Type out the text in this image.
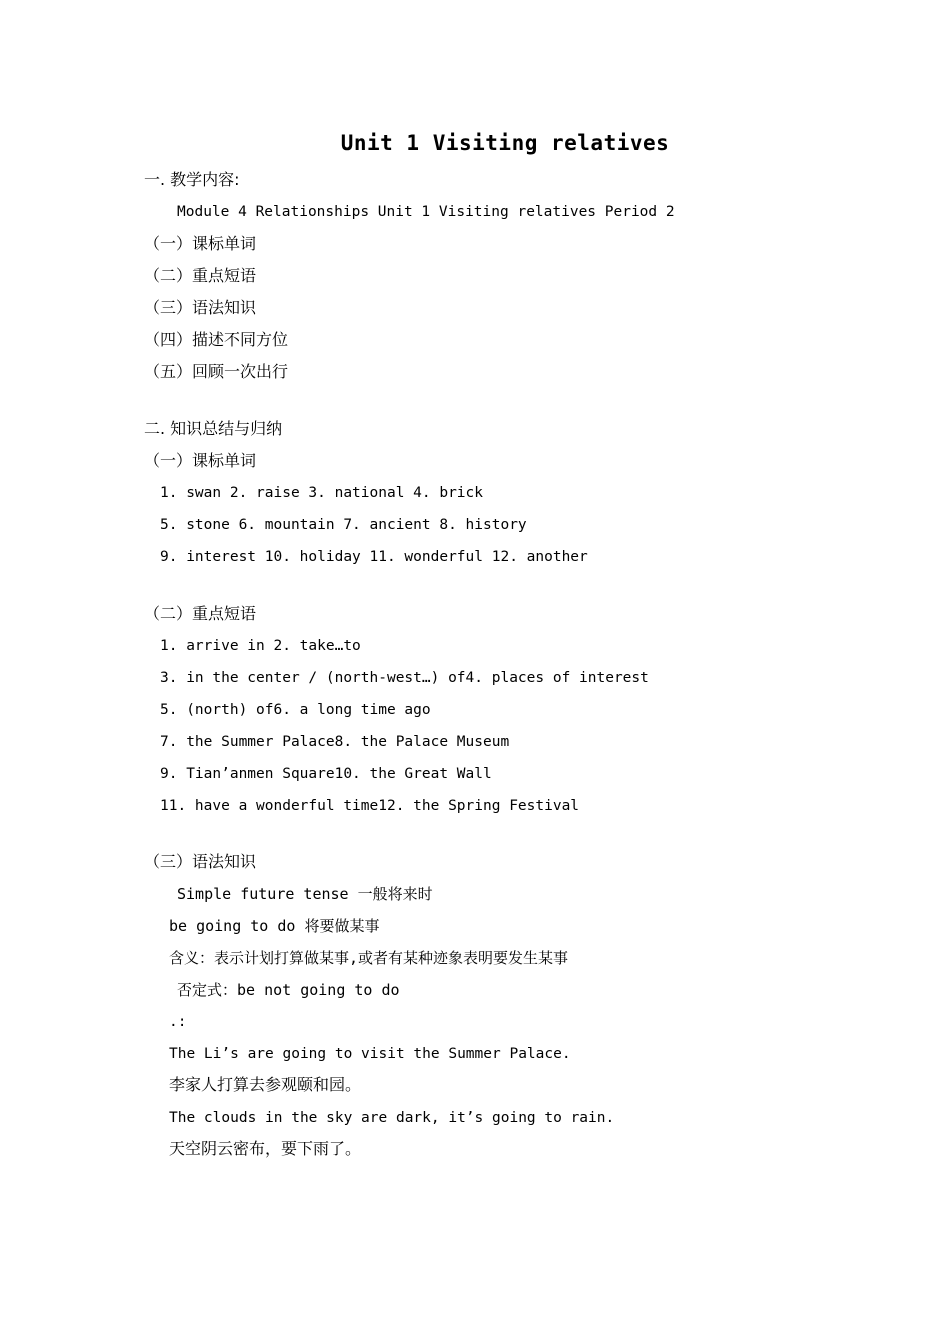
Unit 1 Visiting relatives
一. 教学内容:
Module 4 Relationships Unit 1 Visiting relatives Period 2
（一）课标单词
（二）重点短语
（三）语法知识
（四）描述不同方位
（五）回顾一次出行
二. 知识总结与归纳
（一）课标单词
1. swan 2. raise 3. national 4. brick
5. stone 6. mountain 7. ancient 8. history
9. interest 10. holiday 11. wonderful 12. another
（二）重点短语
1. arrive in 2. take…to
3. in the center / (north-west…) of4. places of interest
5. (north) of6. a long time ago
7. the Summer Palace8. the Palace Museum
9. Tian’anmen Square10. the Great Wall
11. have a wonderful time12. the Spring Festival
（三）语法知识
Simple future tense 一般将来时
be going to do 将要做某事
含义：表示计划打算做某事,或者有某种迹象表明要发生某事
否定式：be not going to do
.:
The Li’s are going to visit the Summer Palace.
李家人打算去参观颐和园。
The clouds in the sky are dark, it’s going to rain.
天空阴云密布，要下雨了。
